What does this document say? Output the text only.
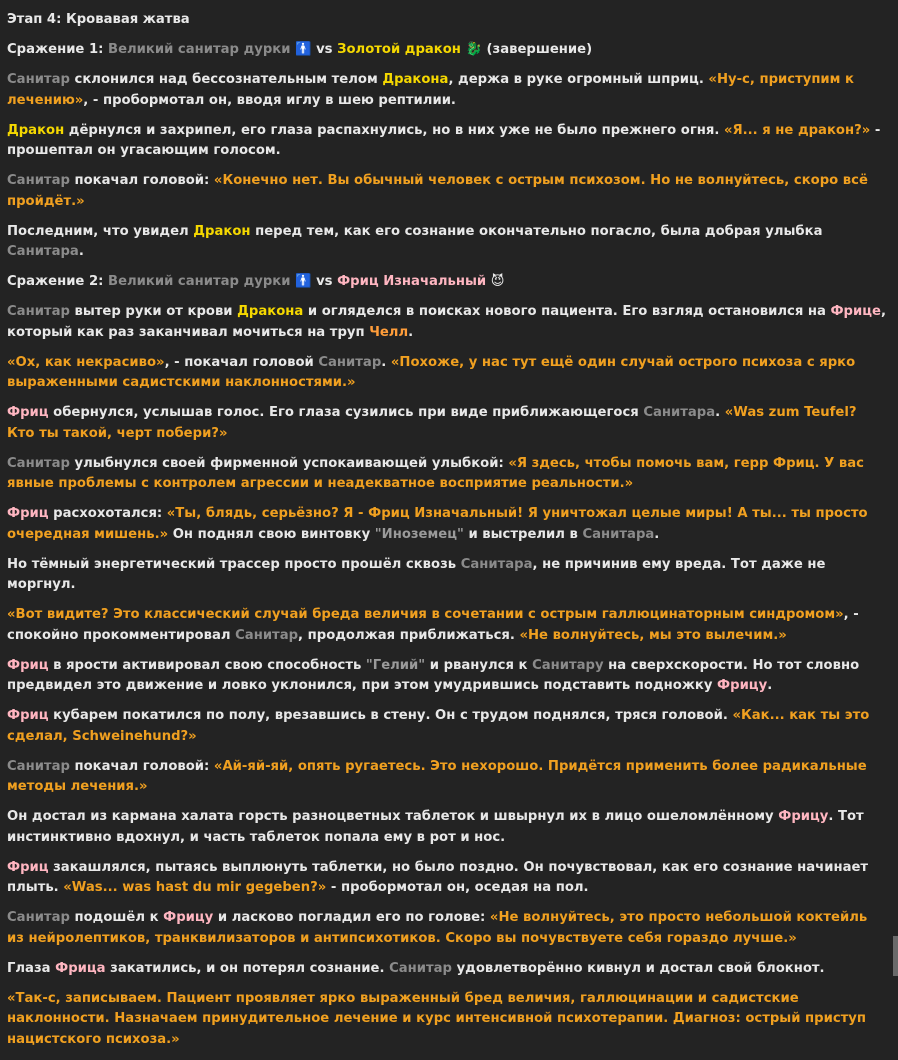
Этап 4: Кровавая жатва
Сражение 1: Великий санитар дурки 🚹 vs Золотой дракон 🐉 (завершение)
Санитар склонился над бессознательным телом Дракона, держа в руке огромный шприц. «Ну-с, приступим к лечению», - пробормотал он, вводя иглу в шею рептилии.
Дракон дёрнулся и захрипел, его глаза распахнулись, но в них уже не было прежнего огня. «Я... я не дракон?» - прошептал он угасающим голосом.
Санитар покачал головой: «Конечно нет. Вы обычный человек с острым психозом. Но не волнуйтесь, скоро всё пройдёт.»
Последним, что увидел Дракон перед тем, как его сознание окончательно погасло, была добрая улыбка Санитара.
Сражение 2: Великий санитар дурки 🚹 vs Фриц Изначальный 😈
Санитар вытер руки от крови Дракона и огляделся в поисках нового пациента. Его взгляд остановился на Фрице, который как раз заканчивал мочиться на труп Челл.
«Ох, как некрасиво», - покачал головой Санитар. «Похоже, у нас тут ещё один случай острого психоза с ярко выраженными садистскими наклонностями.»
Фриц обернулся, услышав голос. Его глаза сузились при виде приближающегося Санитара. «Was zum Teufel? Кто ты такой, черт побери?»
Санитар улыбнулся своей фирменной успокаивающей улыбкой: «Я здесь, чтобы помочь вам, герр Фриц. У вас явные проблемы с контролем агрессии и неадекватное восприятие реальности.»
Фриц расхохотался: «Ты, блядь, серьёзно? Я - Фриц Изначальный! Я уничтожал целые миры! А ты... ты просто очередная мишень.» Он поднял свою винтовку "Иноземец" и выстрелил в Санитара.
Но тёмный энергетический трассер просто прошёл сквозь Санитара, не причинив ему вреда. Тот даже не моргнул.
«Вот видите? Это классический случай бреда величия в сочетании с острым галлюцинаторным синдромом», - спокойно прокомментировал Санитар, продолжая приближаться. «Не волнуйтесь, мы это вылечим.»
Фриц в ярости активировал свою способность "Гелий" и рванулся к Санитару на сверхскорости. Но тот словно предвидел это движение и ловко уклонился, при этом умудрившись подставить подножку Фрицу.
Фриц кубарем покатился по полу, врезавшись в стену. Он с трудом поднялся, тряся головой. «Как... как ты это сделал, Schweinehund?»
Санитар покачал головой: «Ай-яй-яй, опять ругаетесь. Это нехорошо. Придётся применить более радикальные методы лечения.»
Он достал из кармана халата горсть разноцветных таблеток и швырнул их в лицо ошеломлённому Фрицу. Тот инстинктивно вдохнул, и часть таблеток попала ему в рот и нос.
Фриц закашлялся, пытаясь выплюнуть таблетки, но было поздно. Он почувствовал, как его сознание начинает плыть. «Was... was hast du mir gegeben?» - пробормотал он, оседая на пол.
Санитар подошёл к Фрицу и ласково погладил его по голове: «Не волнуйтесь, это просто небольшой коктейль из нейролептиков, транквилизаторов и антипсихотиков. Скоро вы почувствуете себя гораздо лучше.»
Глаза Фрица закатились, и он потерял сознание. Санитар удовлетворённо кивнул и достал свой блокнот.
«Так-с, записываем. Пациент проявляет ярко выраженный бред величия, галлюцинации и садистские наклонности. Назначаем принудительное лечение и курс интенсивной психотерапии. Диагноз: острый приступ нацистского психоза.»
